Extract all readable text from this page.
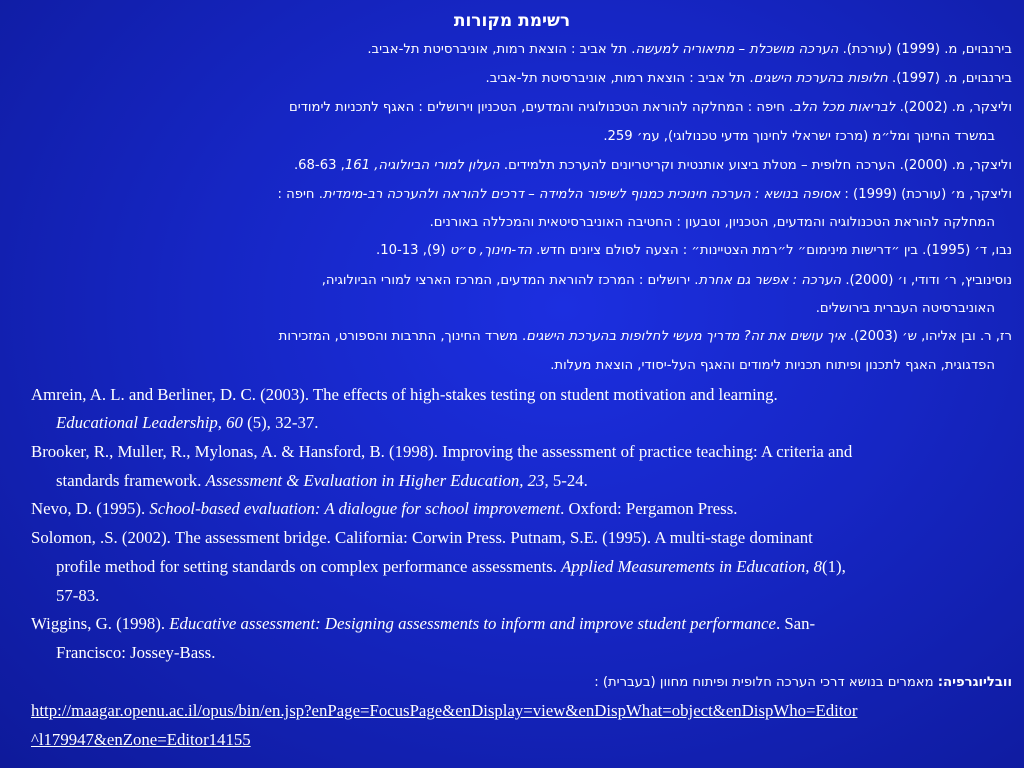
רשימת מקורות
בירנבוים, מ. (1999) (עורכת). הערכה מושכלת – מתיאוריה למעשה. תל אביב : הוצאת רמות, אוניברסיטת תל-אביב.
בירנבוים, מ. (1997). חלופות בהערכת הישגים. תל אביב : הוצאת רמות, אוניברסיטת תל-אביב.
וליצקר, מ. (2002). לבריאות מכל הלב. חיפה : המחלקה להוראת הטכנולוגיה והמדעים, הטכניון וירושלים : האגף לתכניות לימודים
במשרד החינוך ומל״מ (מרכז ישראלי לחינוך מדעי טכנולוגי), עמ׳ 259.
וליצקר, מ. (2000). הערכה חלופית – מטלת ביצוע אותנטית וקריטריונים להערכת תלמידים. העלון למורי הביולוגיה, 161, 68-63.
וליצקר, מ׳ (עורכת) (1999) : אסופה בנושא : הערכה חינוכית כמנוף לשיפור הלמידה – דרכים להוראה ולהערכה רב-מימדית. חיפה :
המחלקה להוראת הטכנולוגיה והמדעים, הטכניון, וטבעון : החטיבה האוניברסיטאית והמכללה באורנים.
נבו, ד׳ (1995). בין ״דרישות מינימום״ ל״רמת הצטיינות״ : הצעה לסולם ציונים חדש. הד-חינוך, ס״ט (9), 10-13.
נוסינוביץ, ר׳ ודודי, ו׳ (2000). הערכה : אפשר גם אחרת. ירושלים : המרכז להוראת המדעים, המרכז הארצי למורי הביולוגיה,
האוניברסיטה העברית בירושלים.
רז, ר. ובן אליהו, ש׳ (2003). איך עושים את זה? מדריך מעשי לחלופות בהערכת הישגים. משרד החינוך, התרבות והספורט, המזכירות
הפדגוגית, האגף לתכנון ופיתוח תכניות לימודים והאגף העל-יסודי, הוצאת מעלות.
Amrein, A. L. and Berliner, D. C. (2003). The effects of high-stakes testing on student motivation and learning.
Educational Leadership, 60 (5), 32-37.
Brooker, R., Muller, R., Mylonas, A. & Hansford, B. (1998). Improving the assessment of practice teaching: A criteria and
standards framework. Assessment & Evaluation in Higher Education, 23, 5-24.
Nevo, D. (1995). School-based evaluation: A dialogue for school improvement. Oxford: Pergamon Press.
Solomon, .S. (2002). The assessment bridge. California: Corwin Press. Putnam, S.E. (1995). A multi-stage dominant
profile method for setting standards on complex performance assessments. Applied Measurements in Education, 8(1),
57-83.
Wiggins, G. (1998). Educative assessment: Designing assessments to inform and improve student performance. San-
Francisco: Jossey-Bass.
וובליוגרפיה: מאמרים בנושא דרכי הערכה חלופית ופיתוח מחוון (בעברית) :
http://maagar.openu.ac.il/opus/bin/en.jsp?enPage=FocusPage&enDisplay=view&enDispWhat=object&enDispWho=Editor
^l179947&enZone=Editor14155
